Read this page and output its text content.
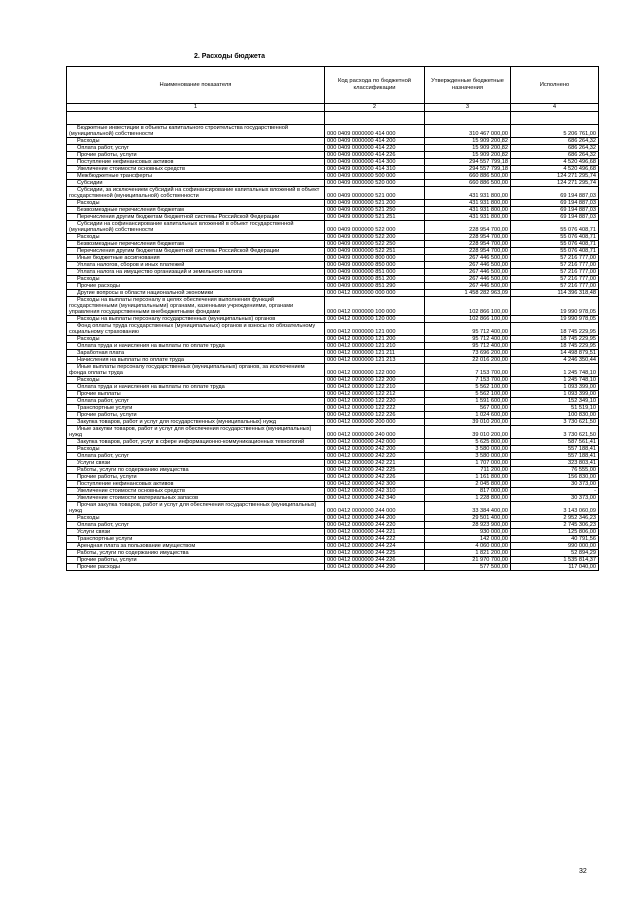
2. Расходы бюджета
Наименование показателя	Код расхода по бюджетной классификации	Утвержденные бюджетные назначения	Исполнено
1	2	3	4

Бюджетные инвестиции в объекты капитального строительства государственной (муниципальной) собственности	000 0409 0000000 414 000	310 467 000,00	5 206 761,00
Расходы	000 0409 0000000 414 200	15 909 200,82	686 264,32
Оплата работ, услуг	000 0409 0000000 414 220	15 909 200,82	686 264,32
Прочие работы, услуги	000 0409 0000000 414 226	15 909 200,82	686 264,32
Поступление нефинансовых активов	000 0409 0000000 414 300	294 557 799,18	4 520 496,68
Увеличение стоимости основных средств	000 0409 0000000 414 310	294 557 799,18	4 520 496,68
Межбюджетные трансферты	000 0409 0000000 500 000	660 886 500,00	124 271 295,74
Субсидии	000 0409 0000000 520 000	660 886 500,00	124 271 295,74
Субсидии, за исключением субсидий на софинансирование капитальных вложений в объект государственной (муниципальной) собственности	000 0409 0000000 521 000	431 931 800,00	69 194 887,03
Расходы	000 0409 0000000 521 200	431 931 800,00	69 194 887,03
Безвозмездные перечисления бюджетам	000 0409 0000000 521 250	431 931 800,00	69 194 887,03
Перечисления другим бюджетам бюджетной системы Российской Федерации	000 0409 0000000 521 251	431 931 800,00	69 194 887,03
Субсидии на софинансирование капитальных вложений в объект государственной (муниципальной) собственности	000 0409 0000000 522 000	228 954 700,00	55 076 408,71
Расходы	000 0409 0000000 522 200	228 954 700,00	55 076 408,71
Безвозмездные перечисления бюджетам	000 0409 0000000 522 250	228 954 700,00	55 076 408,71
Перечисления другим бюджетам бюджетной системы Российской Федерации	000 0409 0000000 522 251	228 954 700,00	55 076 408,71
Иные бюджетные ассигнования	000 0409 0000000 800 000	267 446 500,00	57 216 777,00
Уплата налогов, сборов и иных платежей	000 0409 0000000 850 000	267 446 500,00	57 216 777,00
Уплата налога на имущество организаций и земельного налога	000 0409 0000000 851 000	267 446 500,00	57 216 777,00
Расходы	000 0409 0000000 851 200	267 446 500,00	57 216 777,00
Прочие расходы	000 0409 0000000 851 290	267 446 500,00	57 216 777,00
Другие вопросы в области национальной экономики	000 0412 0000000 000 000	1 458 282 963,09	114 396 318,48
Расходы на выплаты персоналу в целях обеспечения выполнения функций государственными (муниципальными) органами, казенными учреждениями, органами управления государственными внебюджетными фондами	000 0412 0000000 100 000	102 866 100,00	19 990 978,05
Расходы на выплаты персоналу государственных (муниципальных) органов	000 0412 0000000 120 000	102 866 100,00	19 990 978,05
Фонд оплаты труда государственных (муниципальных) органов и взносы по обязательному социальному страхованию	000 0412 0000000 121 000	95 712 400,00	18 745 229,95
Расходы	000 0412 0000000 121 200	95 712 400,00	18 745 229,95
Оплата труда и начисления на выплаты по оплате труда	000 0412 0000000 121 210	95 712 400,00	18 745 229,95
Заработная плата	000 0412 0000000 121 211	73 696 200,00	14 498 879,51
Начисления на выплаты по оплате труда	000 0412 0000000 121 213	22 016 200,00	4 246 350,44
Иные выплаты персоналу государственных (муниципальных) органов, за исключением фонда оплаты труда	000 0412 0000000 122 000	7 153 700,00	1 245 748,10
Расходы	000 0412 0000000 122 200	7 153 700,00	1 245 748,10
Оплата труда и начисления на выплаты по оплате труда	000 0412 0000000 122 210	5 562 100,00	1 093 399,00
Прочие выплаты	000 0412 0000000 122 212	5 562 100,00	1 093 399,00
Оплата работ, услуг	000 0412 0000000 122 220	1 591 600,00	152 349,10
Транспортные услуги	000 0412 0000000 122 222	567 000,00	51 519,10
Прочие работы, услуги	000 0412 0000000 122 226	1 024 600,00	100 830,00
Закупка товаров, работ и услуг для государственных (муниципальных) нужд	000 0412 0000000 200 000	39 010 200,00	3 730 621,50
Иные закупки товаров, работ и услуг для обеспечения государственных (муниципальных) нужд	000 0412 0000000 240 000	39 010 200,00	3 730 621,50
Закупка товаров, работ, услуг в сфере информационно-коммуникационных технологий	000 0412 0000000 242 000	5 625 800,00	587 561,41
Расходы	000 0412 0000000 242 200	3 580 000,00	557 188,41
Оплата работ, услуг	000 0412 0000000 242 220	3 580 000,00	557 188,41
Услуги связи	000 0412 0000000 242 221	1 707 000,00	323 803,41
Работы, услуги по содержанию имущества	000 0412 0000000 242 225	711 200,00	76 555,00
Прочие работы, услуги	000 0412 0000000 242 226	1 161 800,00	156 830,00
Поступление нефинансовых активов	000 0412 0000000 242 300	2 045 800,00	30 373,00
Увеличение стоимости основных средств	000 0412 0000000 242 310	817 000,00	-
Увеличение стоимости материальных запасов	000 0412 0000000 242 340	1 228 800,00	30 373,00
Прочая закупка товаров, работ и услуг для обеспечения государственных (муниципальных) нужд	000 0412 0000000 244 000	33 384 400,00	3 143 060,09
Расходы	000 0412 0000000 244 200	29 501 400,00	2 952 346,23
Оплата работ, услуг	000 0412 0000000 244 220	28 923 900,00	2 745 306,23
Услуги связи	000 0412 0000000 244 221	930 000,00	125 806,00
Транспортные услуги	000 0412 0000000 244 222	142 000,00	40 791,56
Арендная плата за пользование имуществом	000 0412 0000000 244 224	4 060 000,00	990 000,00
Работы, услуги по содержанию имущества	000 0412 0000000 244 225	1 821 200,00	52 894,29
Прочие работы, услуги	000 0412 0000000 244 226	21 970 700,00	1 535 814,37
Прочие расходы	000 0412 0000000 244 290	577 500,00	117 040,00
32
